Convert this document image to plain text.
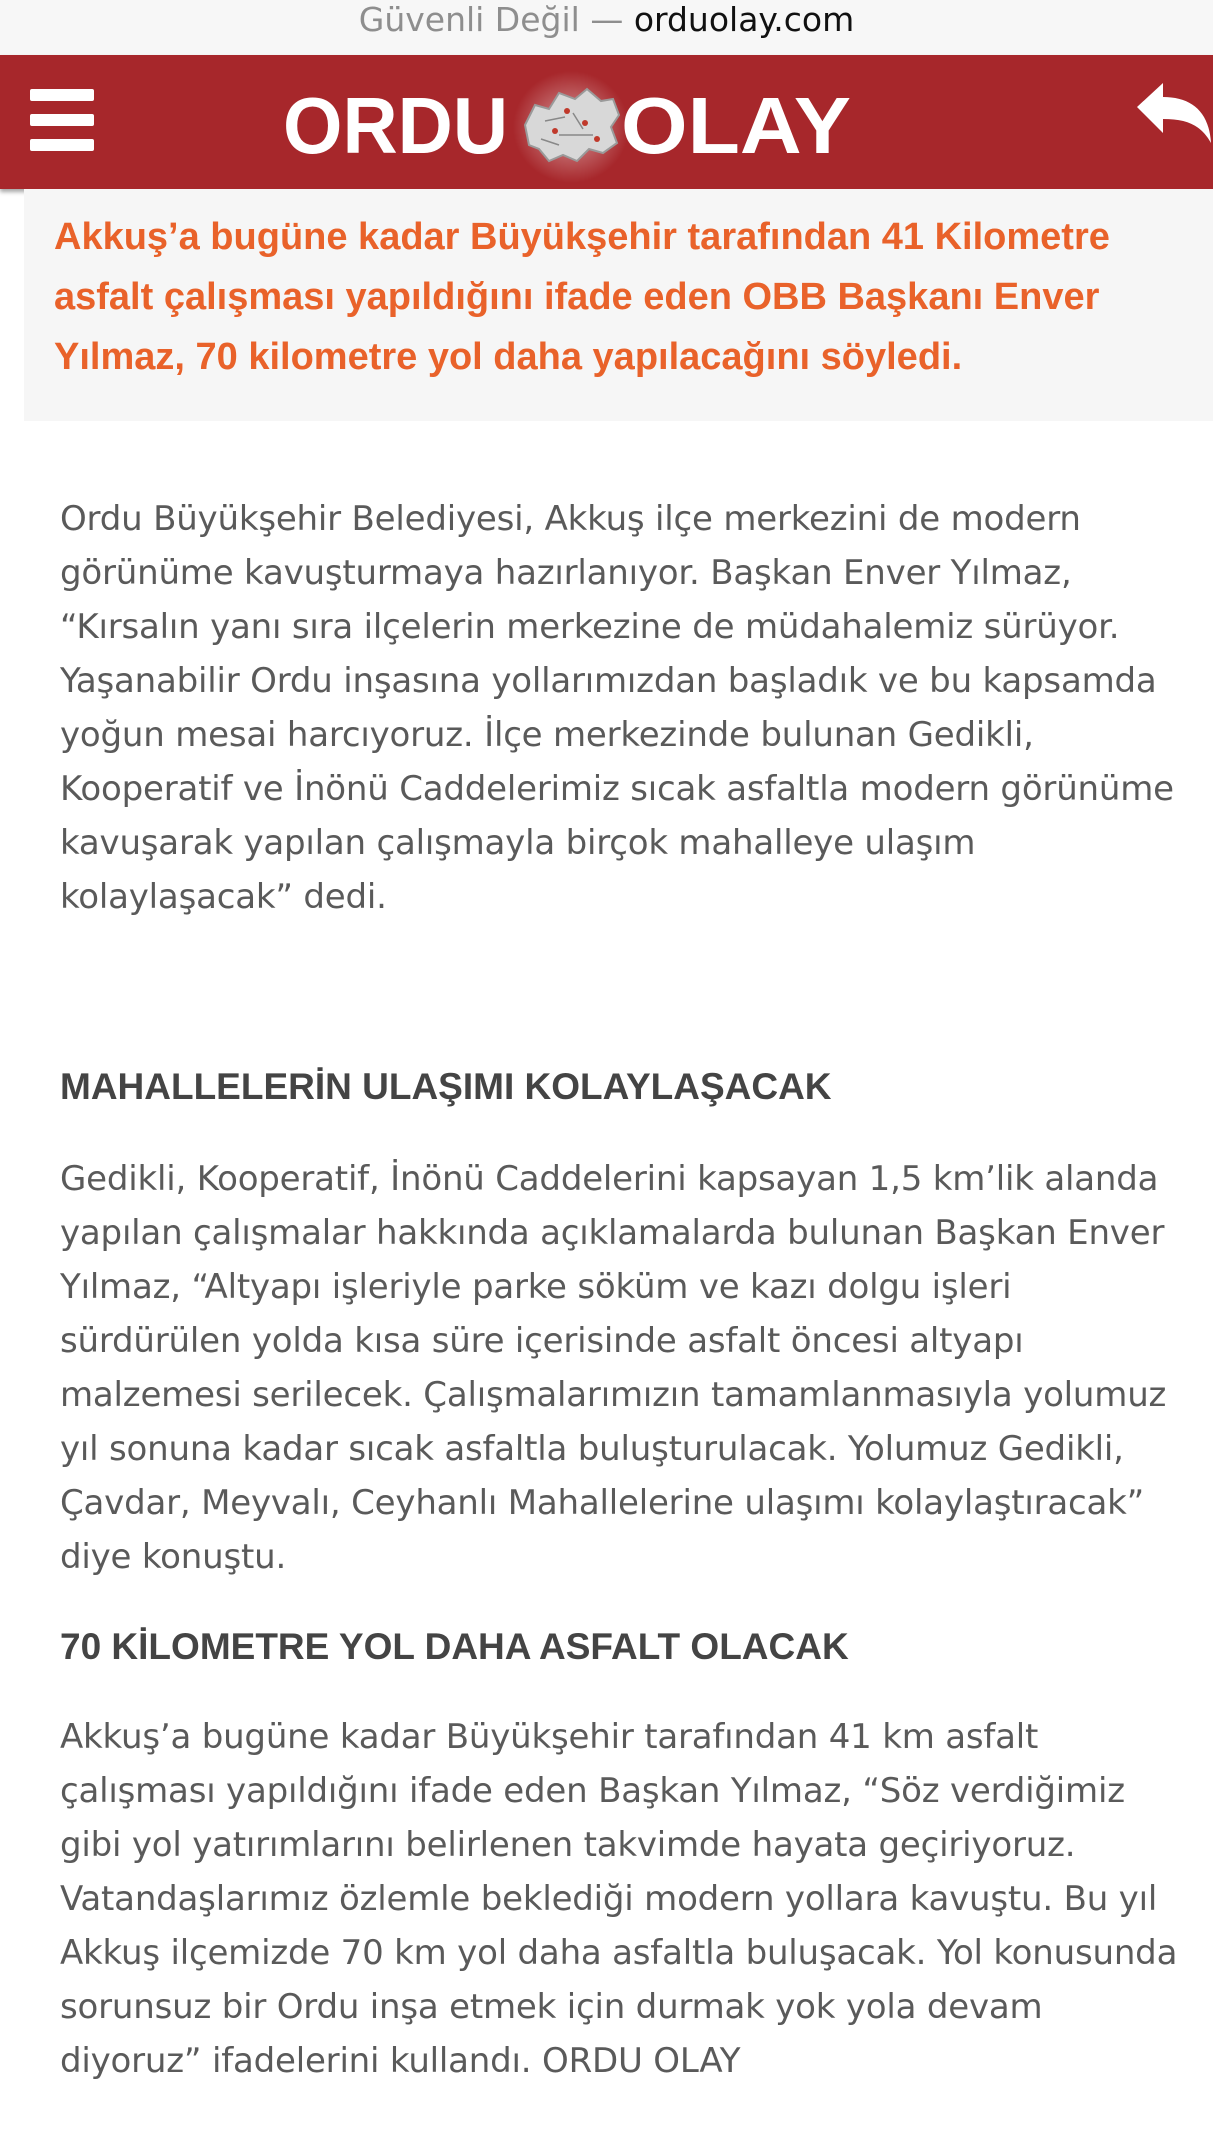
Güvenli Değil — orduolay.com
ORDU OLAY

Akkuş’a bugüne kadar Büyükşehir tarafından 41 Kilometre asfalt çalışması yapıldığını ifade eden OBB Başkanı Enver Yılmaz, 70 kilometre yol daha yapılacağını söyledi.

Ordu Büyükşehir Belediyesi, Akkuş ilçe merkezini de modern görünüme kavuşturmaya hazırlanıyor. Başkan Enver Yılmaz, “Kırsalın yanı sıra ilçelerin merkezine de müdahalemiz sürüyor. Yaşanabilir Ordu inşasına yollarımızdan başladık ve bu kapsamda yoğun mesai harcıyoruz. İlçe merkezinde bulunan Gedikli, Kooperatif ve İnönü Caddelerimiz sıcak asfaltla modern görünüme kavuşarak yapılan çalışmayla birçok mahalleye ulaşım kolaylaşacak” dedi.

MAHALLELERİN ULAŞIMI KOLAYLAŞACAK

Gedikli, Kooperatif, İnönü Caddelerini kapsayan 1,5 km’lik alanda yapılan çalışmalar hakkında açıklamalarda bulunan Başkan Enver Yılmaz, “Altyapı işleriyle parke söküm ve kazı dolgu işleri sürdürülen yolda kısa süre içerisinde asfalt öncesi altyapı malzemesi serilecek. Çalışmalarımızın tamamlanmasıyla yolumuz yıl sonuna kadar sıcak asfaltla buluşturulacak. Yolumuz Gedikli, Çavdar, Meyvalı, Ceyhanlı Mahallelerine ulaşımı kolaylaştıracak” diye konuştu.

70 KİLOMETRE YOL DAHA ASFALT OLACAK

Akkuş’a bugüne kadar Büyükşehir tarafından 41 km asfalt çalışması yapıldığını ifade eden Başkan Yılmaz, “Söz verdiğimiz gibi yol yatırımlarını belirlenen takvimde hayata geçiriyoruz. Vatandaşlarımız özlemle beklediği modern yollara kavuştu. Bu yıl Akkuş ilçemizde 70 km yol daha asfaltla buluşacak. Yol konusunda sorunsuz bir Ordu inşa etmek için durmak yok yola devam diyoruz” ifadelerini kullandı. ORDU OLAY
